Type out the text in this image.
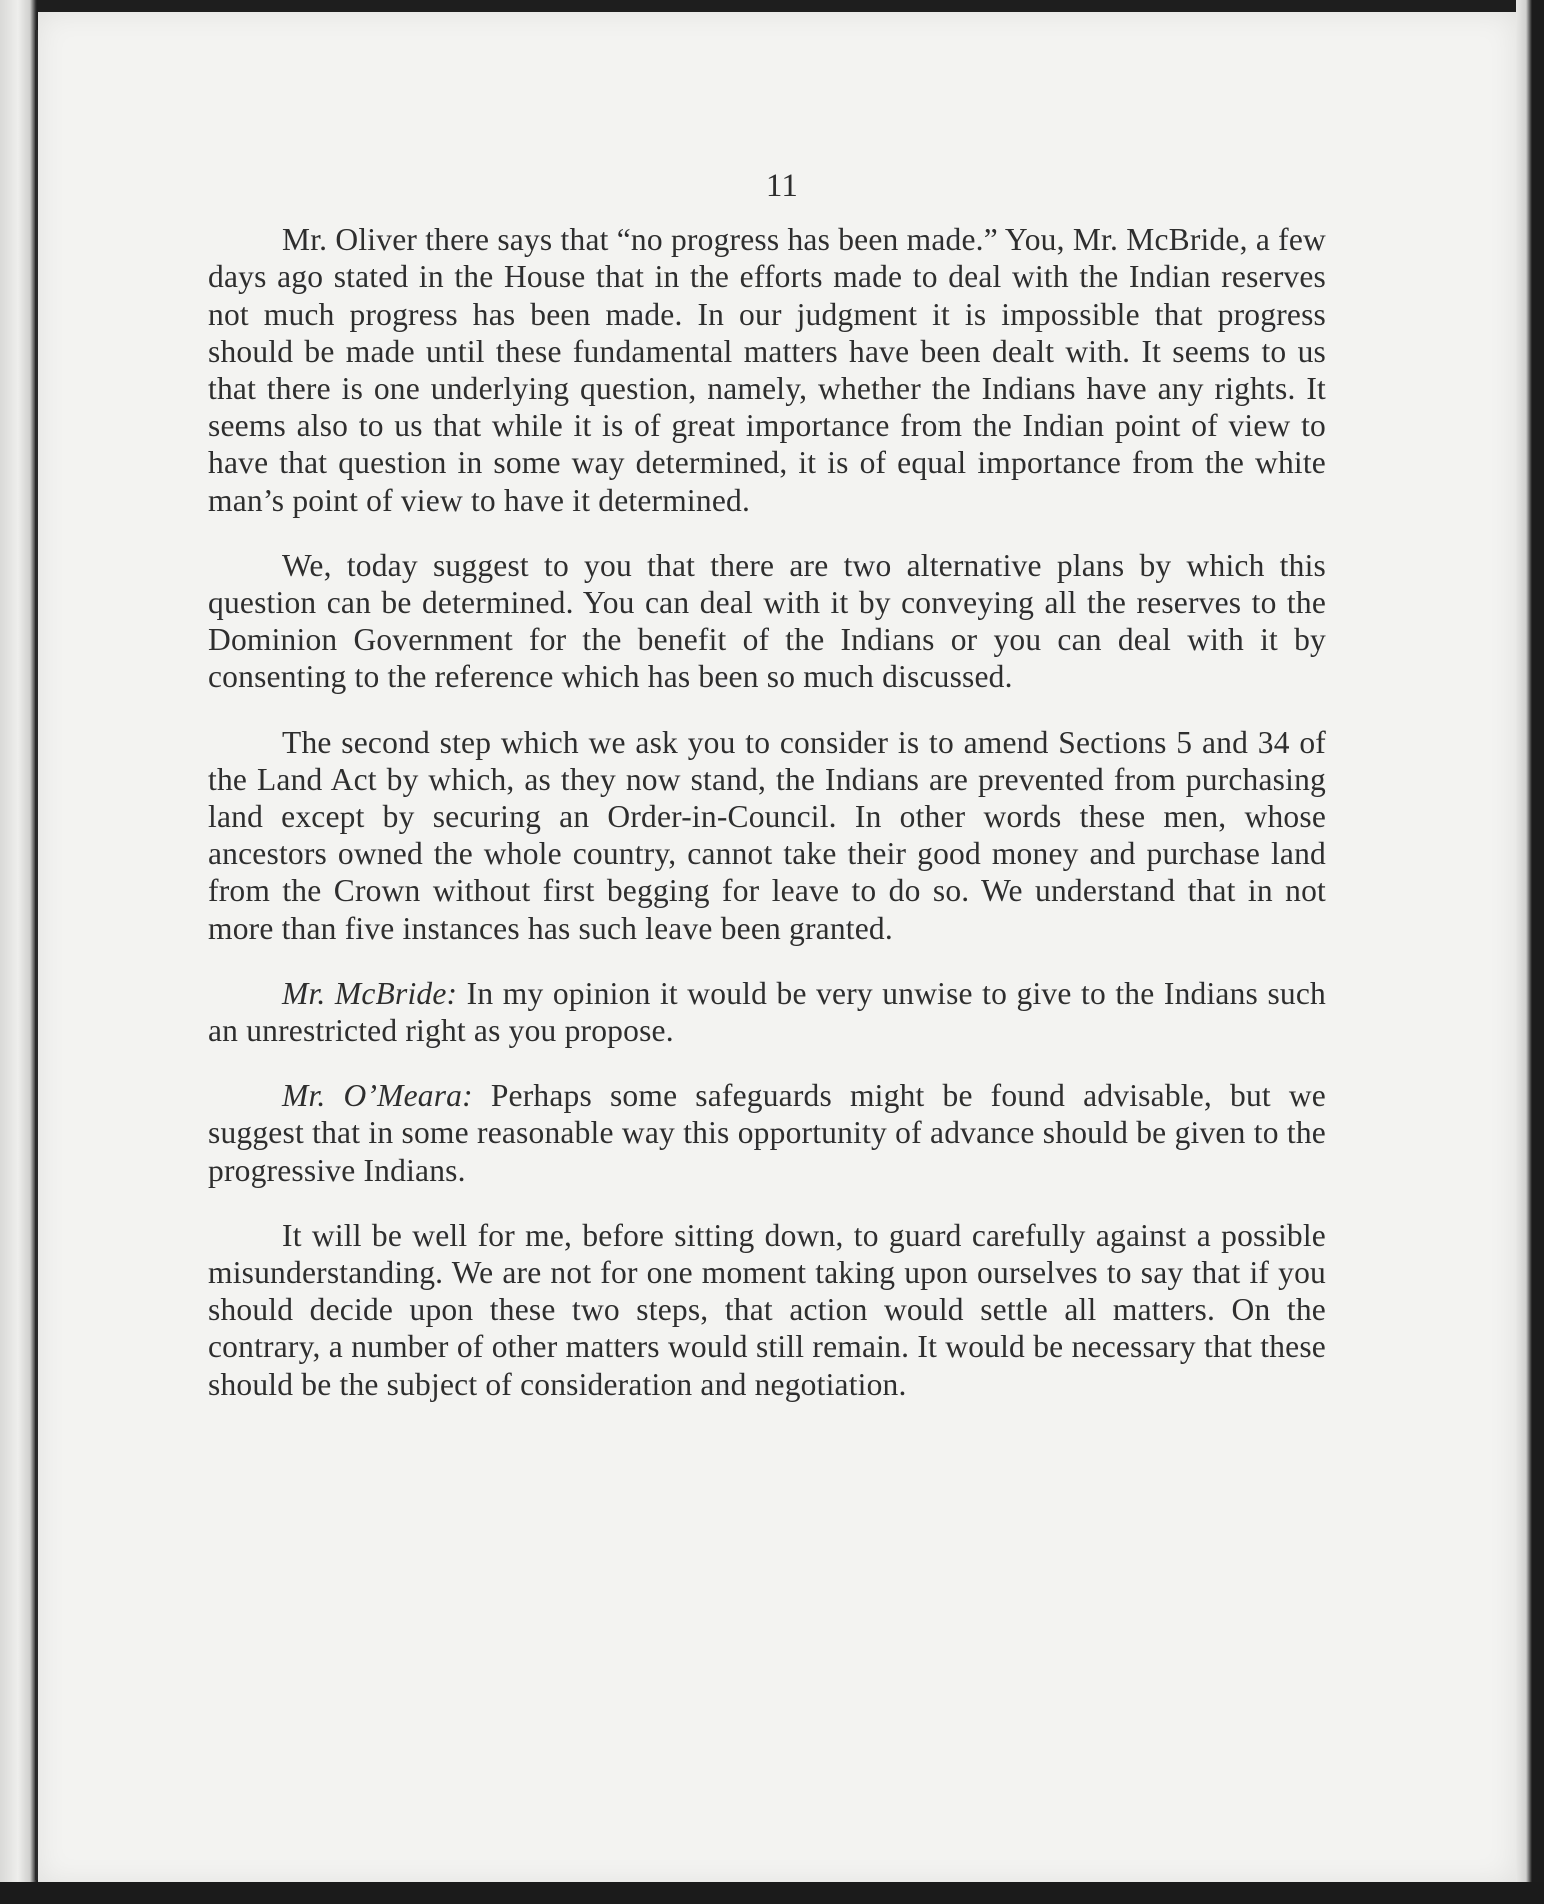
11

Mr. Oliver there says that “no progress has been made.” You, Mr. McBride, a few days ago stated in the House that in the efforts made to deal with the Indian reserves not much progress has been made. In our judgment it is impossible that progress should be made until these fundamental matters have been dealt with. It seems to us that there is one underlying question, namely, whether the Indians have any rights. It seems also to us that while it is of great importance from the Indian point of view to have that question in some way determined, it is of equal importance from the white man’s point of view to have it determined.

We, today suggest to you that there are two alternative plans by which this question can be determined. You can deal with it by conveying all the reserves to the Dominion Government for the benefit of the Indians or you can deal with it by consenting to the reference which has been so much discussed.

The second step which we ask you to consider is to amend Sections 5 and 34 of the Land Act by which, as they now stand, the Indians are prevented from purchasing land except by securing an Order-in-Council. In other words these men, whose ancestors owned the whole country, cannot take their good money and purchase land from the Crown without first begging for leave to do so. We understand that in not more than five instances has such leave been granted.

Mr. McBride: In my opinion it would be very unwise to give to the Indians such an unrestricted right as you propose.

Mr. O’Meara: Perhaps some safeguards might be found advisable, but we suggest that in some reasonable way this opportunity of advance should be given to the progressive Indians.

It will be well for me, before sitting down, to guard carefully against a possible misunderstanding. We are not for one moment taking upon ourselves to say that if you should decide upon these two steps, that action would settle all matters. On the contrary, a number of other matters would still remain. It would be necessary that these should be the subject of consideration and negotiation.
